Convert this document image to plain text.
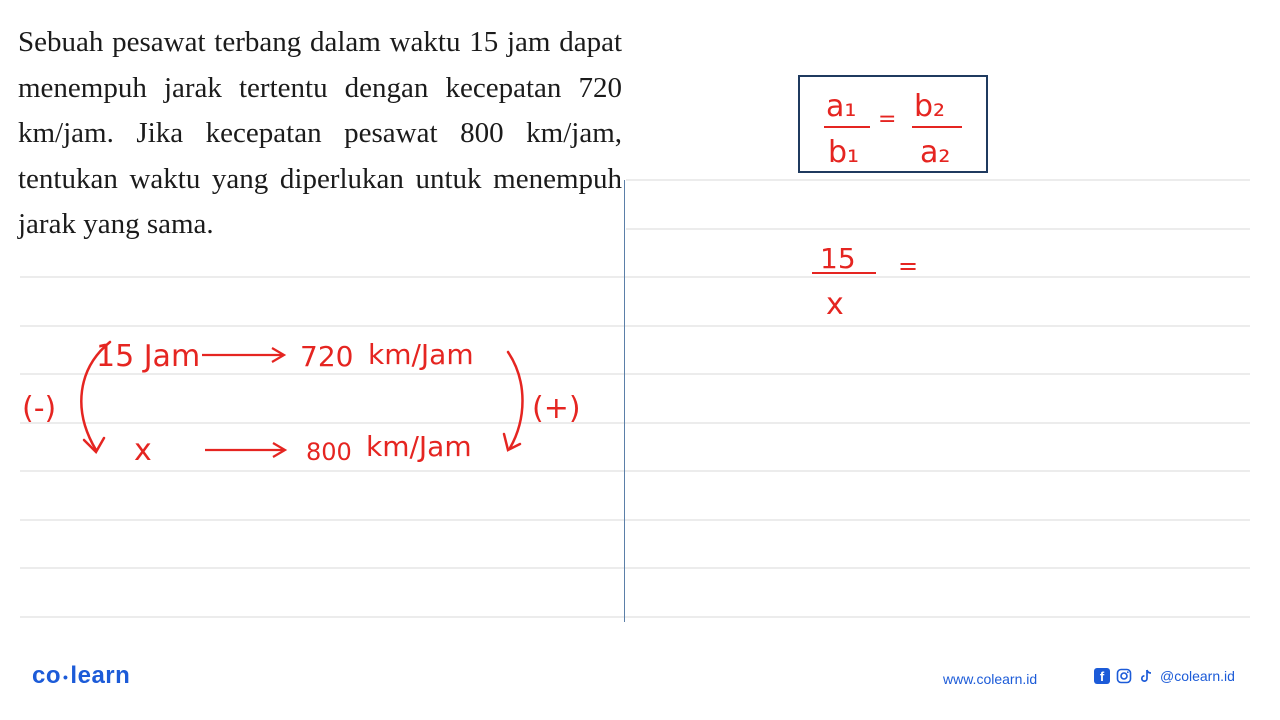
Sebuah pesawat terbang dalam waktu 15 jam dapat menempuh jarak tertentu dengan kecepatan 720 km/jam. Jika kecepatan pesawat 800 km/jam, tentukan waktu yang diperlukan untuk menempuh jarak yang sama.

15 Jam	720 km/Jam
x	800 km/Jam
(-)	(+)
a₁
b₁
= b₂
a₂
15
x
=
co •learn	www.colearn.id	f	@colearn.id
